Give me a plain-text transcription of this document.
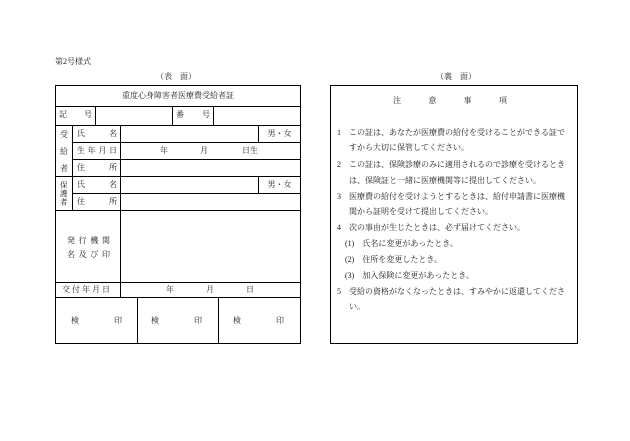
第2号様式
（表　面）	（裏　面）
重度心身障害者医療費受給者証
記　　号	番　　号
受給者 氏　　名	男・女
生年月日	年	月	日生
住　　所
保護者 氏　　名	男・女
住　　所
発行機関
名及び印
交付年月日	年	月	日
検　　印	検　　印	検　　印
注　　意　　事　　項
1　この証は、あなたが医療費の給付を受けることができる証で
すから大切に保管してください。
2　この証は、保険診療のみに適用されるので診療を受けるとき
は、保険証と一緒に医療機関等に提出してください。
3　医療費の給付を受けようとするときは、給付申請書に医療機
関から証明を受けて提出してください。
4　次の事由が生じたときは、必ず届けてください。
(1)　氏名に変更があったとき。
(2)　住所を変更したとき。
(3)　加入保険に変更があったとき。
5　受給の資格がなくなったときは、すみやかに返還してくださ
い。
